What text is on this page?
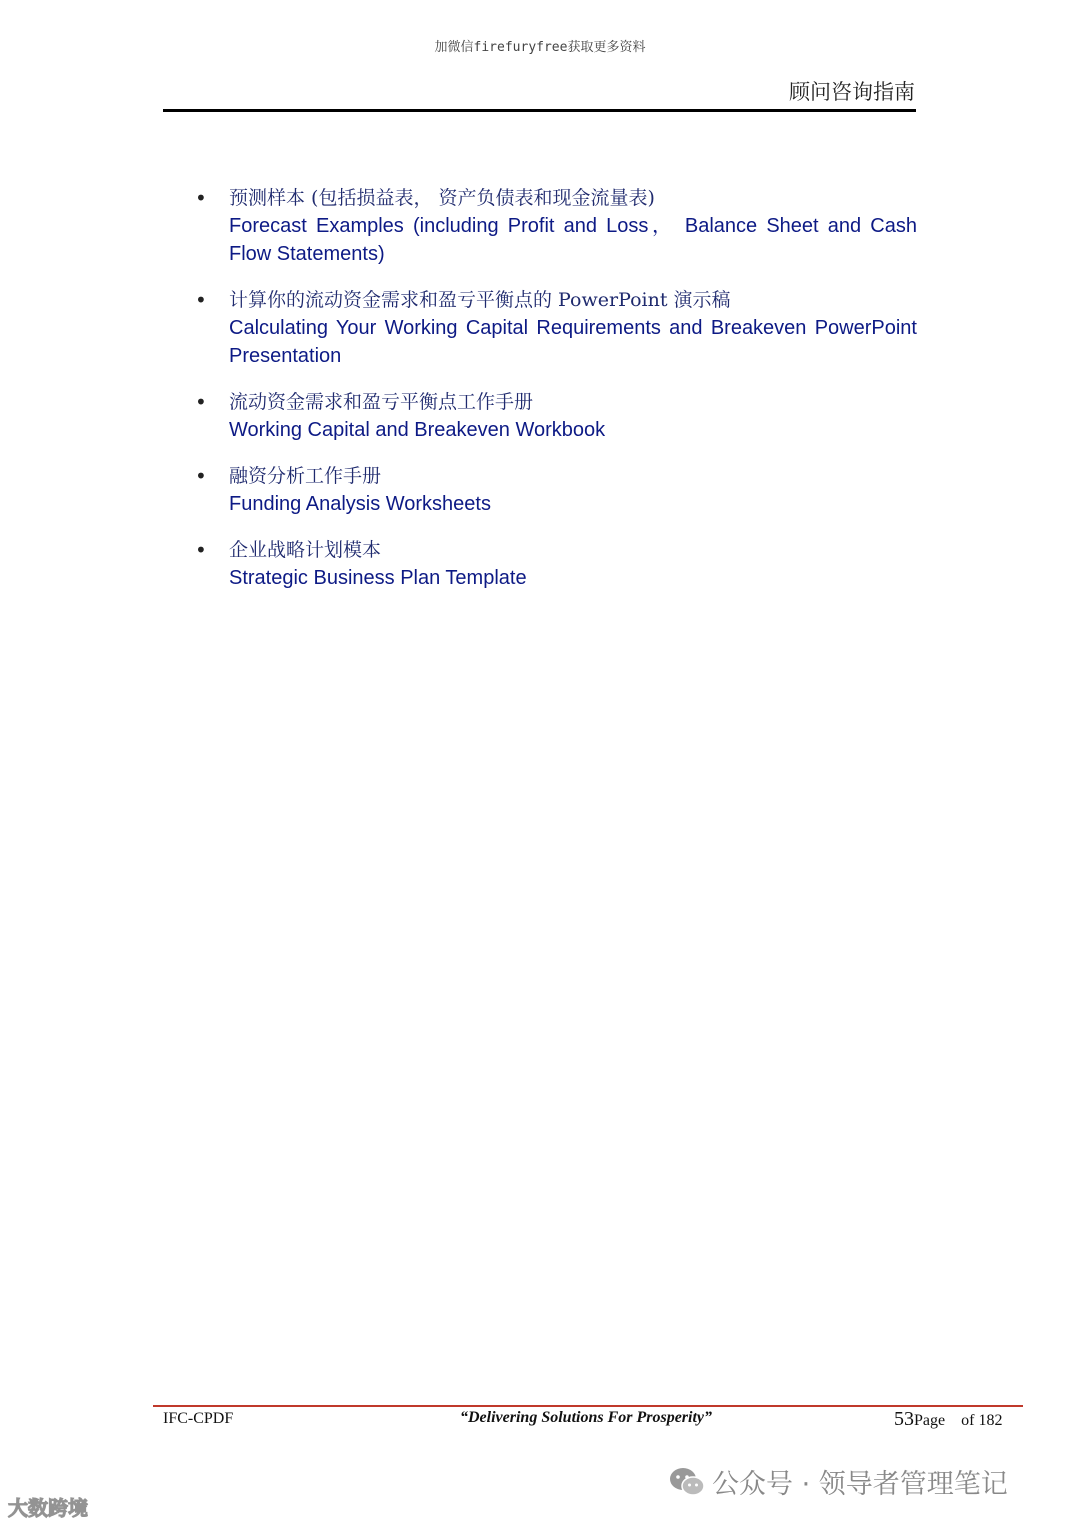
加微信firefuryfree获取更多资料
顾问咨询指南
• 预测样本 (包括损益表， 资产负债表和现金流量表)
Forecast Examples (including Profit and Loss， Balance Sheet and Cash Flow Statements)
• 计算你的流动资金需求和盈亏平衡点的 PowerPoint 演示稿
Calculating Your Working Capital Requirements and Breakeven PowerPoint Presentation
• 流动资金需求和盈亏平衡点工作手册
Working Capital and Breakeven Workbook
• 融资分析工作手册
Funding Analysis Worksheets
• 企业战略计划模本
Strategic Business Plan Template
IFC-CPDF	“Delivering Solutions For Prosperity”	53Page of 182
大数跨境
公众号 · 领导者管理笔记
